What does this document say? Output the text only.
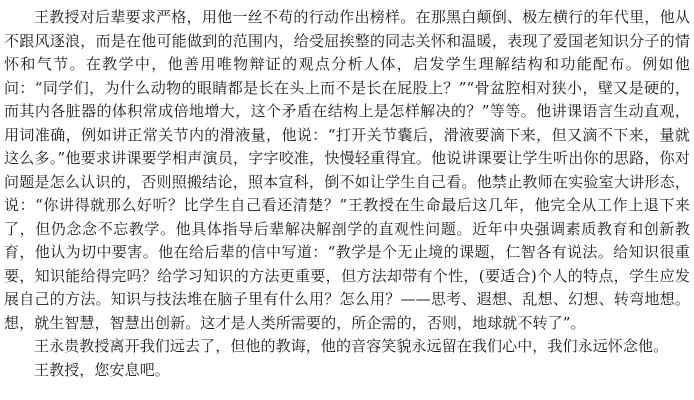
王教授对后辈要求严格，用他一丝不苟的行动作出榜样。在那黑白颠倒、极左横行的年代里，他从不跟风逐浪，而是在他可能做到的范围内，给受屈挨整的同志关怀和温暖，表现了爱国老知识分子的情怀和气节。在教学中，他善用唯物辩证的观点分析人体，启发学生理解结构和功能配布。例如他问：“同学们，为什么动物的眼睛都是长在头上而不是长在屁股上？”“骨盆腔相对狭小，壁又是硬的，而其内各脏器的体积常成倍地增大，这个矛盾在结构上是怎样解决的？”等等。他讲课语言生动直观，用词准确，例如讲正常关节内的滑液量，他说：“打开关节囊后，滑液要滴下来，但又滴不下来，量就这么多。”他要求讲课要学相声演员，字字咬准，快慢轻重得宜。他说讲课要让学生听出你的思路，你对问题是怎么认识的，否则照搬结论，照本宣科，倒不如让学生自己看。他禁止教师在实验室大讲形态，说：“你讲得就那么好听？比学生自己看还清楚？”王教授在生命最后这几年，他完全从工作上退下来了，但仍念念不忘教学。他具体指导后辈解决解剖学的直观性问题。近年中央强调素质教育和创新教育，他认为切中要害。他在给后辈的信中写道：“教学是个无止境的课题，仁智各有说法。给知识很重要，知识能给得完吗？给学习知识的方法更重要，但方法却带有个性，(要适合)个人的特点，学生应发展自己的方法。知识与技法堆在脑子里有什么用？怎么用？——思考、遐想、乱想、幻想、转弯地想。想，就生智慧，智慧出创新。这才是人类所需要的，所企需的，否则，地球就不转了”。

王永贵教授离开我们远去了，但他的教诲，他的音容笑貌永远留在我们心中，我们永远怀念他。

王教授，您安息吧。
